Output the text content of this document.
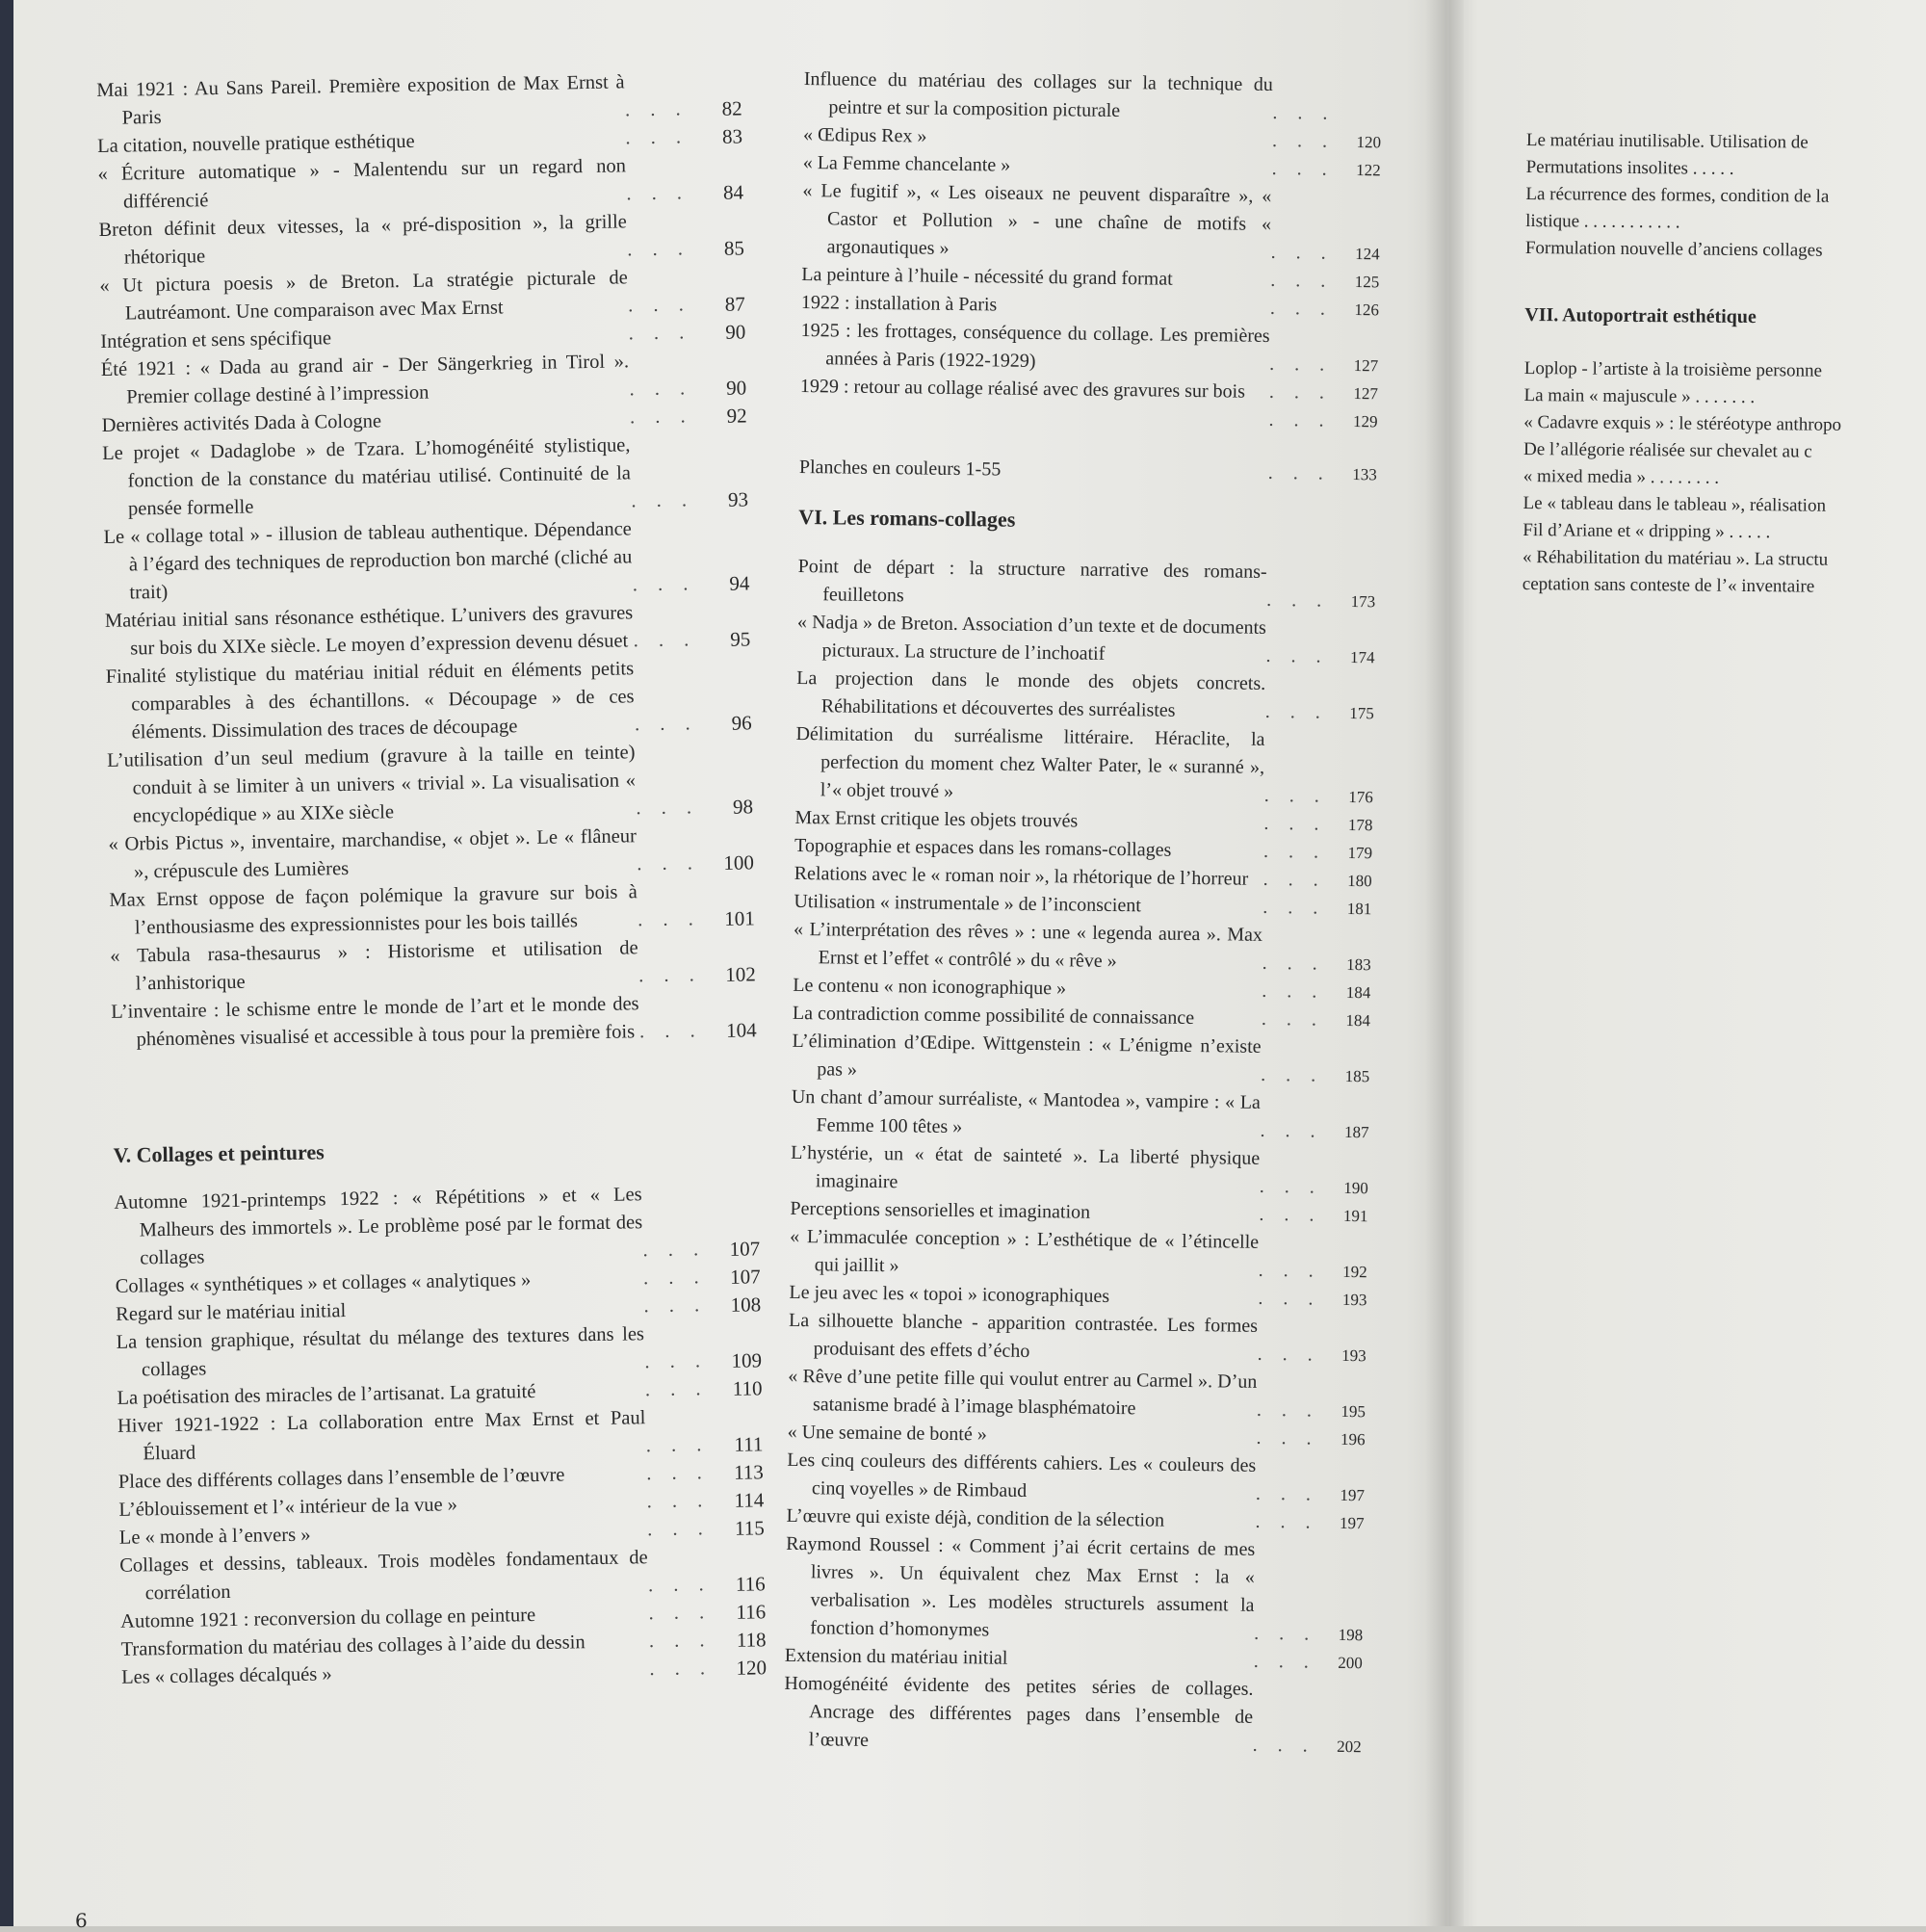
Mai 1921 : Au Sans Pareil. Première exposition de Max Ernst à Paris	. . .	82
La citation, nouvelle pratique esthétique	. . .	83
« Écriture automatique » - Malentendu sur un regard non différencié	. . .	84
Breton définit deux vitesses, la « pré-disposition », la grille rhétorique	. . .	85
« Ut pictura poesis » de Breton. La stratégie picturale de Lautréamont. Une comparaison avec Max Ernst	. . .	87
Intégration et sens spécifique	. . .	90
Été 1921 : « Dada au grand air - Der Sängerkrieg in Tirol ». Premier collage destiné à l’impression	. . .	90
Dernières activités Dada à Cologne	. . .	92
Le projet « Dadaglobe » de Tzara. L’homogénéité stylistique, fonction de la constance du matériau utilisé. Continuité de la pensée formelle	. . .	93
Le « collage total » - illusion de tableau authentique. Dépendance à l’égard des techniques de reproduction bon marché (cliché au trait)	. . .	94
Matériau initial sans résonance esthétique. L’univers des gravures sur bois du XIXe siècle. Le moyen d’expression devenu désuet . . .	95
Finalité stylistique du matériau initial réduit en éléments petits comparables à des échantillons. « Découpage » de ces éléments. Dissimulation des traces de découpage	. . .	96
L’utilisation d’un seul medium (gravure à la taille en teinte) conduit à se limiter à un univers « trivial ». La visualisation « encyclopédique » au XIXe siècle	. . .	98
« Orbis Pictus », inventaire, marchandise, « objet ». Le « flâneur », crépuscule des Lumières	. . .	100
Max Ernst oppose de façon polémique la gravure sur bois à l’enthousiasme des expressionnistes pour les bois taillés	. . .	101
« Tabula rasa-thesaurus » : Historisme et utilisation de l’anhistorique	. . .	102
L’inventaire : le schisme entre le monde de l’art et le monde des phénomènes visualisé et accessible à tous pour la première fois . . .	104
V. Collages et peintures
Automne 1921-printemps 1922 : « Répétitions » et « Les Malheurs des immortels ». Le problème posé par le format des collages	. . .	107
Collages « synthétiques » et collages « analytiques »	. . .	107
Regard sur le matériau initial	. . .	108
La tension graphique, résultat du mélange des textures dans les collages	. . .	109
La poétisation des miracles de l’artisanat. La gratuité	. . .	110
Hiver 1921-1922 : La collaboration entre Max Ernst et Paul Éluard	. . .	111
Place des différents collages dans l’ensemble de l’œuvre	. . .	113
L’éblouissement et l’« intérieur de la vue »	. . .	114
Le « monde à l’envers »	. . .	115
Collages et dessins, tableaux. Trois modèles fondamentaux de corrélation	. . .	116
Automne 1921 : reconversion du collage en peinture	. . .	116
Transformation du matériau des collages à l’aide du dessin	. . .	118
Les « collages décalqués »	. . .	120
6
Influence du matériau des collages sur la technique du peintre et sur la composition picturale	. . .
« Œdipus Rex »	. . .	120
« La Femme chancelante »	. . .	122
« Le fugitif », « Les oiseaux ne peuvent disparaître », « Castor et Pollution » - une chaîne de motifs « argonautiques »	. . .	124
La peinture à l’huile - nécessité du grand format	. . .	125
1922 : installation à Paris	. . .	126
1925 : les frottages, conséquence du collage. Les premières années à Paris (1922-1929)	. . .	127
1929 : retour au collage réalisé avec des gravures sur bois	. . .	127
. . .	129
Planches en couleurs 1-55	. . .	133
VI. Les romans-collages
Point de départ : la structure narrative des romans-feuilletons	. . .	173
« Nadja » de Breton. Association d’un texte et de documents picturaux. La structure de l’inchoatif	. . .	174
La projection dans le monde des objets concrets. Réhabilitations et découvertes des surréalistes	. . .	175
Délimitation du surréalisme littéraire. Héraclite, la perfection du moment chez Walter Pater, le « suranné », l’« objet trouvé »	. . .	176
Max Ernst critique les objets trouvés	. . .	178
Topographie et espaces dans les romans-collages	. . .	179
Relations avec le « roman noir », la rhétorique de l’horreur . . .	180
Utilisation « instrumentale » de l’inconscient	. . .	181
« L’interprétation des rêves » : une « legenda aurea ». Max Ernst et l’effet « contrôlé » du « rêve »	. . .	183
Le contenu « non iconographique »	. . .	184
La contradiction comme possibilité de connaissance	. . .	184
L’élimination d’Œdipe. Wittgenstein : « L’énigme n’existe pas »	. . .	185
Un chant d’amour surréaliste, « Mantodea », vampire : « La Femme 100 têtes »	. . .	187
L’hystérie, un « état de sainteté ». La liberté physique imaginaire	. . .	190
Perceptions sensorielles et imagination	. . .	191
« L’immaculée conception » : L’esthétique de « l’étincelle qui jaillit »	. . .	192
Le jeu avec les « topoi » iconographiques	. . .	193
La silhouette blanche - apparition contrastée. Les formes produisant des effets d’écho	. . .	193
« Rêve d’une petite fille qui voulut entrer au Carmel ». D’un satanisme bradé à l’image blasphématoire	. . .	195
« Une semaine de bonté »	. . .	196
Les cinq couleurs des différents cahiers. Les « couleurs des cinq voyelles » de Rimbaud	. . .	197
L’œuvre qui existe déjà, condition de la sélection	. . .	197
Raymond Roussel : « Comment j’ai écrit certains de mes livres ». Un équivalent chez Max Ernst : la « verbalisation ». Les modèles structurels assument la fonction d’homonymes	. . .	198
Extension du matériau initial	. . .	200
Homogénéité évidente des petites séries de collages. Ancrage des différentes pages dans l’ensemble de l’œuvre	. . .	202
Le matériau inutilisable. Utilisation de
Permutations insolites . . . . .
La récurrence des formes, condition de la
listique . . . . . . . . . . .
Formulation nouvelle d’anciens collages
VII. Autoportrait esthétique
Loplop - l’artiste à la troisième personne
La main « majuscule » . . . . . . .
« Cadavre exquis » : le stéréotype anthropo
De l’allégorie réalisée sur chevalet au c
« mixed media » . . . . . . . .
Le « tableau dans le tableau », réalisation
Fil d’Ariane et « dripping » . . . . .
« Réhabilitation du matériau ». La structu
ceptation sans conteste de l’« inventaire
